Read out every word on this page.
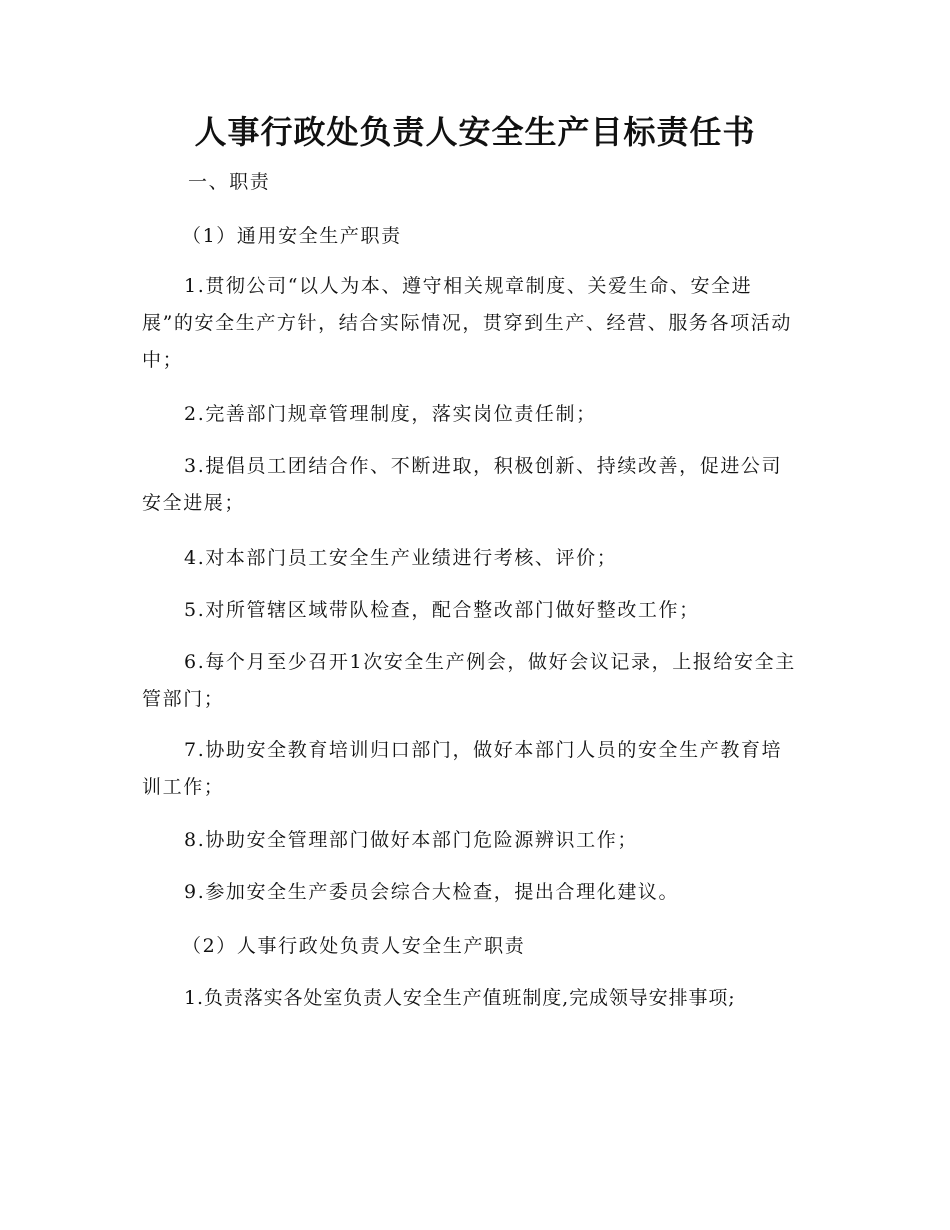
人事行政处负责人安全生产目标责任书

一、职责

（1）通用安全生产职责

1.贯彻公司“以人为本、遵守相关规章制度、关爱生命、安全进展”的安全生产方针，结合实际情况，贯穿到生产、经营、服务各项活动中；

2.完善部门规章管理制度，落实岗位责任制；

3.提倡员工团结合作、不断进取，积极创新、持续改善，促进公司安全进展；

4.对本部门员工安全生产业绩进行考核、评价；

5.对所管辖区域带队检查，配合整改部门做好整改工作；

6.每个月至少召开1次安全生产例会，做好会议记录，上报给安全主管部门；

7.协助安全教育培训归口部门，做好本部门人员的安全生产教育培训工作；

8.协助安全管理部门做好本部门危险源辨识工作；

9.参加安全生产委员会综合大检查，提出合理化建议。

（2）人事行政处负责人安全生产职责

1.负责落实各处室负责人安全生产值班制度,完成领导安排事项;
